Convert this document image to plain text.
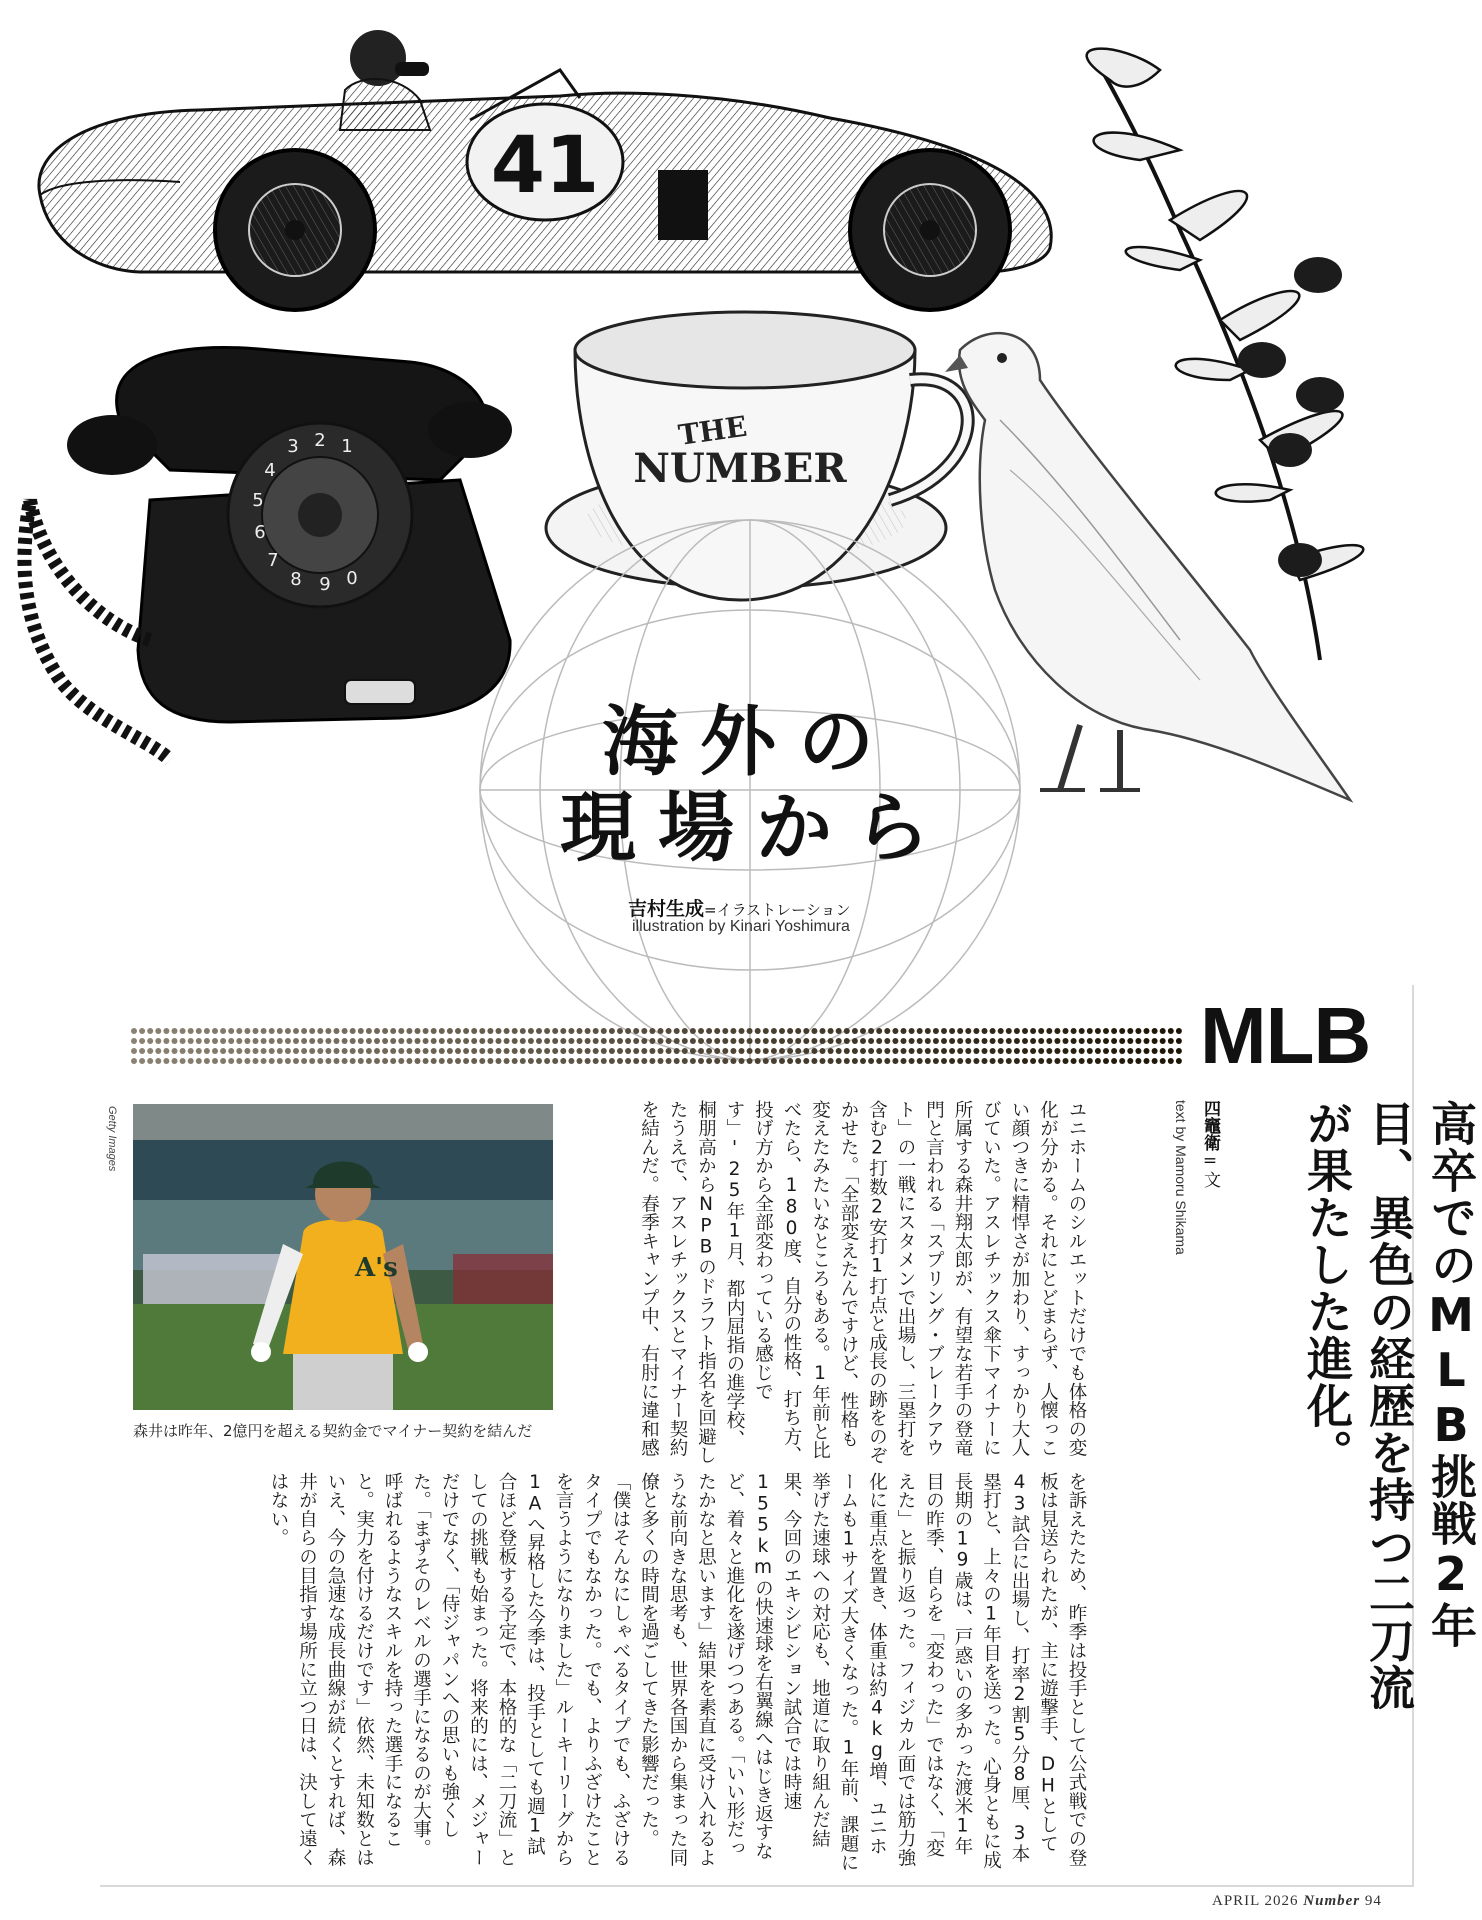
41
1
2
3
4
5
6
7
8 9 0
THE
NUMBER
海外の
現場から
吉村生成=イラストレーション
illustration by Kinari Yoshimura
MLB
高卒でのMLB挑戦2年目、異色の経歴を持つ二刀流が果たした進化。
四竈衛=文
text by Mamoru Shikama
ユニホームのシルエットだけでも体格の変化が分かる。それにとどまらず、人懐っこい顔つきに精悍さが加わり、すっかり大人びていた。アスレチックス傘下マイナーに所属する森井翔太郎が、有望な若手の登竜門と言われる「スプリング・ブレークアウト」の一戦にスタメンで出場し、三塁打を含む2打数2安打1打点と成長の跡をのぞかせた。「全部変えたんですけど、性格も変えたみたいなところもある。1年前と比べたら、180度、自分の性格、打ち方、投げ方から全部変わっている感じです」'25年1月、都内屈指の進学校、桐朋高からNPBのドラフト指名を回避したうえで、アスレチックスとマイナー契約を結んだ。春季キャンプ中、右肘に違和感
を訴えたため、昨季は投手として公式戦での登板は見送られたが、主に遊撃手、DHとして43試合に出場し、打率2割5分8厘、3本塁打と、上々の1年目を送った。心身ともに成長期の19歳は、戸惑いの多かった渡米1年目の昨季、自らを「変わった」ではなく、「変えた」と振り返った。フィジカル面では筋力強化に重点を置き、体重は約4kg増、ユニホームも1サイズ大きくなった。1年前、課題に挙げた速球への対応も、地道に取り組んだ結果、今回のエキシビション試合では時速155kmの快速球を右翼線へはじき返すなど、着々と進化を遂げつつある。「いい形だったかなと思います」結果を素直に受け入れるような前向きな思考も、世界各国から集まった同僚と多くの時間を過ごしてきた影響だった。「僕はそんなにしゃべるタイプでも、ふざけるタイプでもなかった。でも、よりふざけたことを言うようになりました」ルーキーリーグから1Aへ昇格した今季は、投手としても週1試合ほど登板する予定で、本格的な「二刀流」としての挑戦も始まった。将来的には、メジャーだけでなく、「侍ジャパンへの思いも強くした。「まずそのレベルの選手になるのが大事。呼ばれるようなスキルを持った選手になること。実力を付けるだけです」依然、未知数とはいえ、今の急速な成長曲線が続くとすれば、森井が自らの目指す場所に立つ日は、決して遠くはない。
Getty Images
A's
森井は昨年、2億円を超える契約金でマイナー契約を結んだ
APRIL 2026 Number 94
